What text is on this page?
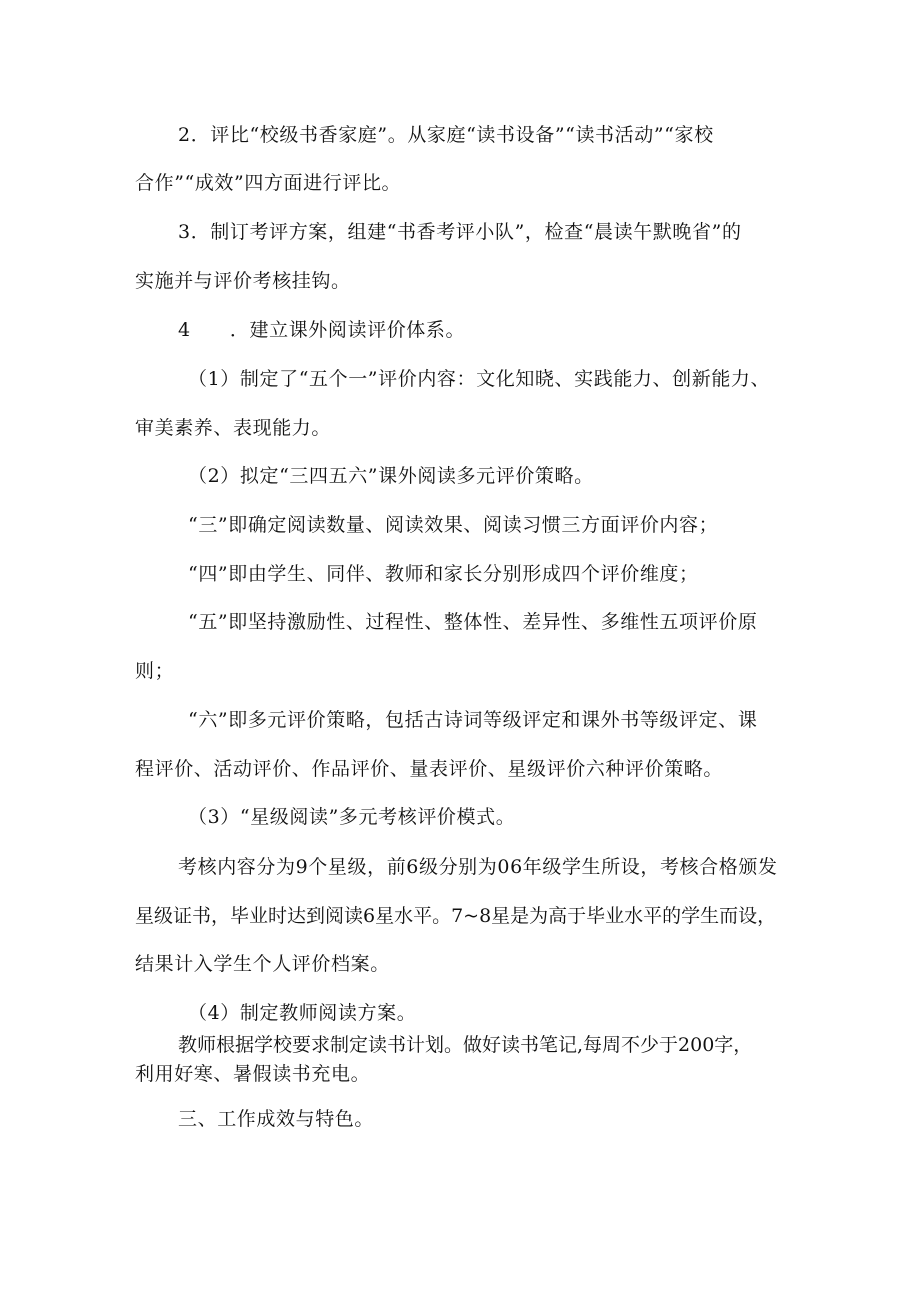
2．评比“校级书香家庭”。从家庭“读书设备”“读书活动”“家校
合作”“成效”四方面进行评比。
3．制订考评方案，组建“书香考评小队”，检查“晨读午默晚省”的
实施并与评价考核挂钩。
4　　．建立课外阅读评价体系。
（1）制定了“五个一”评价内容：文化知晓、实践能力、创新能力、
审美素养、表现能力。
（2）拟定“三四五六”课外阅读多元评价策略。
“三”即确定阅读数量、阅读效果、阅读习惯三方面评价内容；
“四”即由学生、同伴、教师和家长分别形成四个评价维度；
“五”即坚持激励性、过程性、整体性、差异性、多维性五项评价原
则；
“六”即多元评价策略，包括古诗词等级评定和课外书等级评定、课
程评价、活动评价、作品评价、量表评价、星级评价六种评价策略。
（3）“星级阅读”多元考核评价模式。
考核内容分为9个星级，前6级分别为06年级学生所设，考核合格颁发
星级证书，毕业时达到阅读6星水平。7~8星是为高于毕业水平的学生而设，
结果计入学生个人评价档案。
（4）制定教师阅读方案。
教师根据学校要求制定读书计划。做好读书笔记,每周不少于200字，
利用好寒、暑假读书充电。
三、工作成效与特色。
